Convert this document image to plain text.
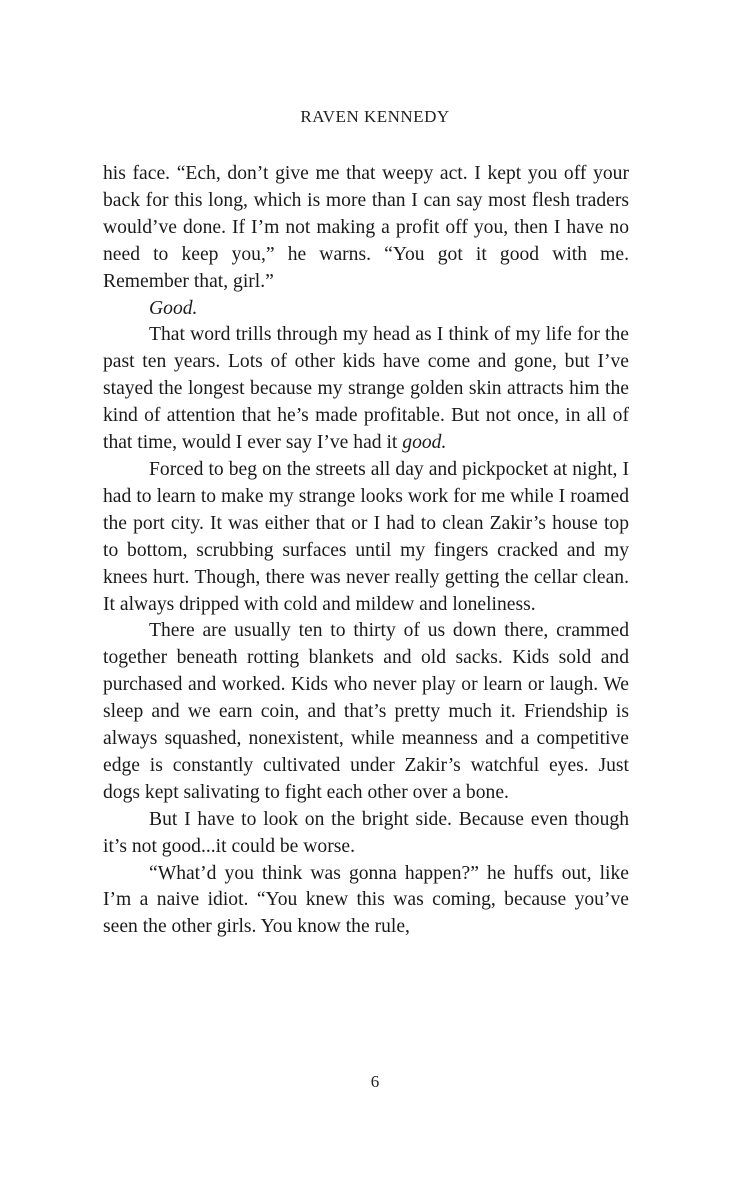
RAVEN KENNEDY

his face. “Ech, don’t give me that weepy act. I kept you off your back for this long, which is more than I can say most flesh traders would’ve done. If I’m not making a profit off you, then I have no need to keep you,” he warns. “You got it good with me. Remember that, girl.”

Good.

That word trills through my head as I think of my life for the past ten years. Lots of other kids have come and gone, but I’ve stayed the longest because my strange golden skin attracts him the kind of attention that he’s made profitable. But not once, in all of that time, would I ever say I’ve had it good.

Forced to beg on the streets all day and pickpocket at night, I had to learn to make my strange looks work for me while I roamed the port city. It was either that or I had to clean Zakir’s house top to bottom, scrubbing surfaces until my fingers cracked and my knees hurt. Though, there was never really getting the cellar clean. It always dripped with cold and mildew and loneliness.

There are usually ten to thirty of us down there, crammed together beneath rotting blankets and old sacks. Kids sold and purchased and worked. Kids who never play or learn or laugh. We sleep and we earn coin, and that’s pretty much it. Friendship is always squashed, nonexistent, while meanness and a competitive edge is constantly cultivated under Zakir’s watchful eyes. Just dogs kept salivating to fight each other over a bone.

But I have to look on the bright side. Because even though it’s not good...it could be worse.

“What’d you think was gonna happen?” he huffs out, like I’m a naive idiot. “You knew this was coming, because you’ve seen the other girls. You know the rule,

6
